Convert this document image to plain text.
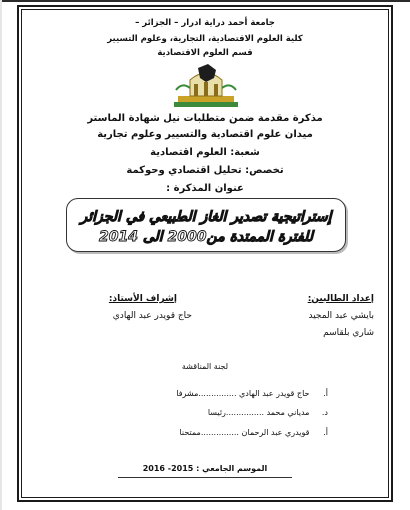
جامعة أحمد دراية ادرار – الجزائر –
كلية العلوم الاقتصادية، التجارية، وعلوم التسيير
قسم العلوم الاقتصادية
مذكرة مقدمة ضمن متطلبات نيل شهادة الماستر
ميدان علوم اقتصادية والتسيير وعلوم تجارية
شعبة: العلوم اقتصادية
تخصص: تحليل اقتصادي وحوكمة
عنوان المذكرة :
إستراتيجية تصدير الغاز الطبيعي في الجزائر
للفترة الممتدة من2000 الى 2014
إعداد الطالبين:
بايشي عبد المجيد
شاري بلقاسم
إشراف الأستاذ:
حاج قويدر عبد الهادي
لجنة المناقشة
أ. حاج قويدر عبد الهادي ...............مشرفا
د. مدياني محمد ...............رئيسا
أ. قويدري عبد الرحمان ...............ممتحنا
الموسم الجامعي : 2015- 2016
